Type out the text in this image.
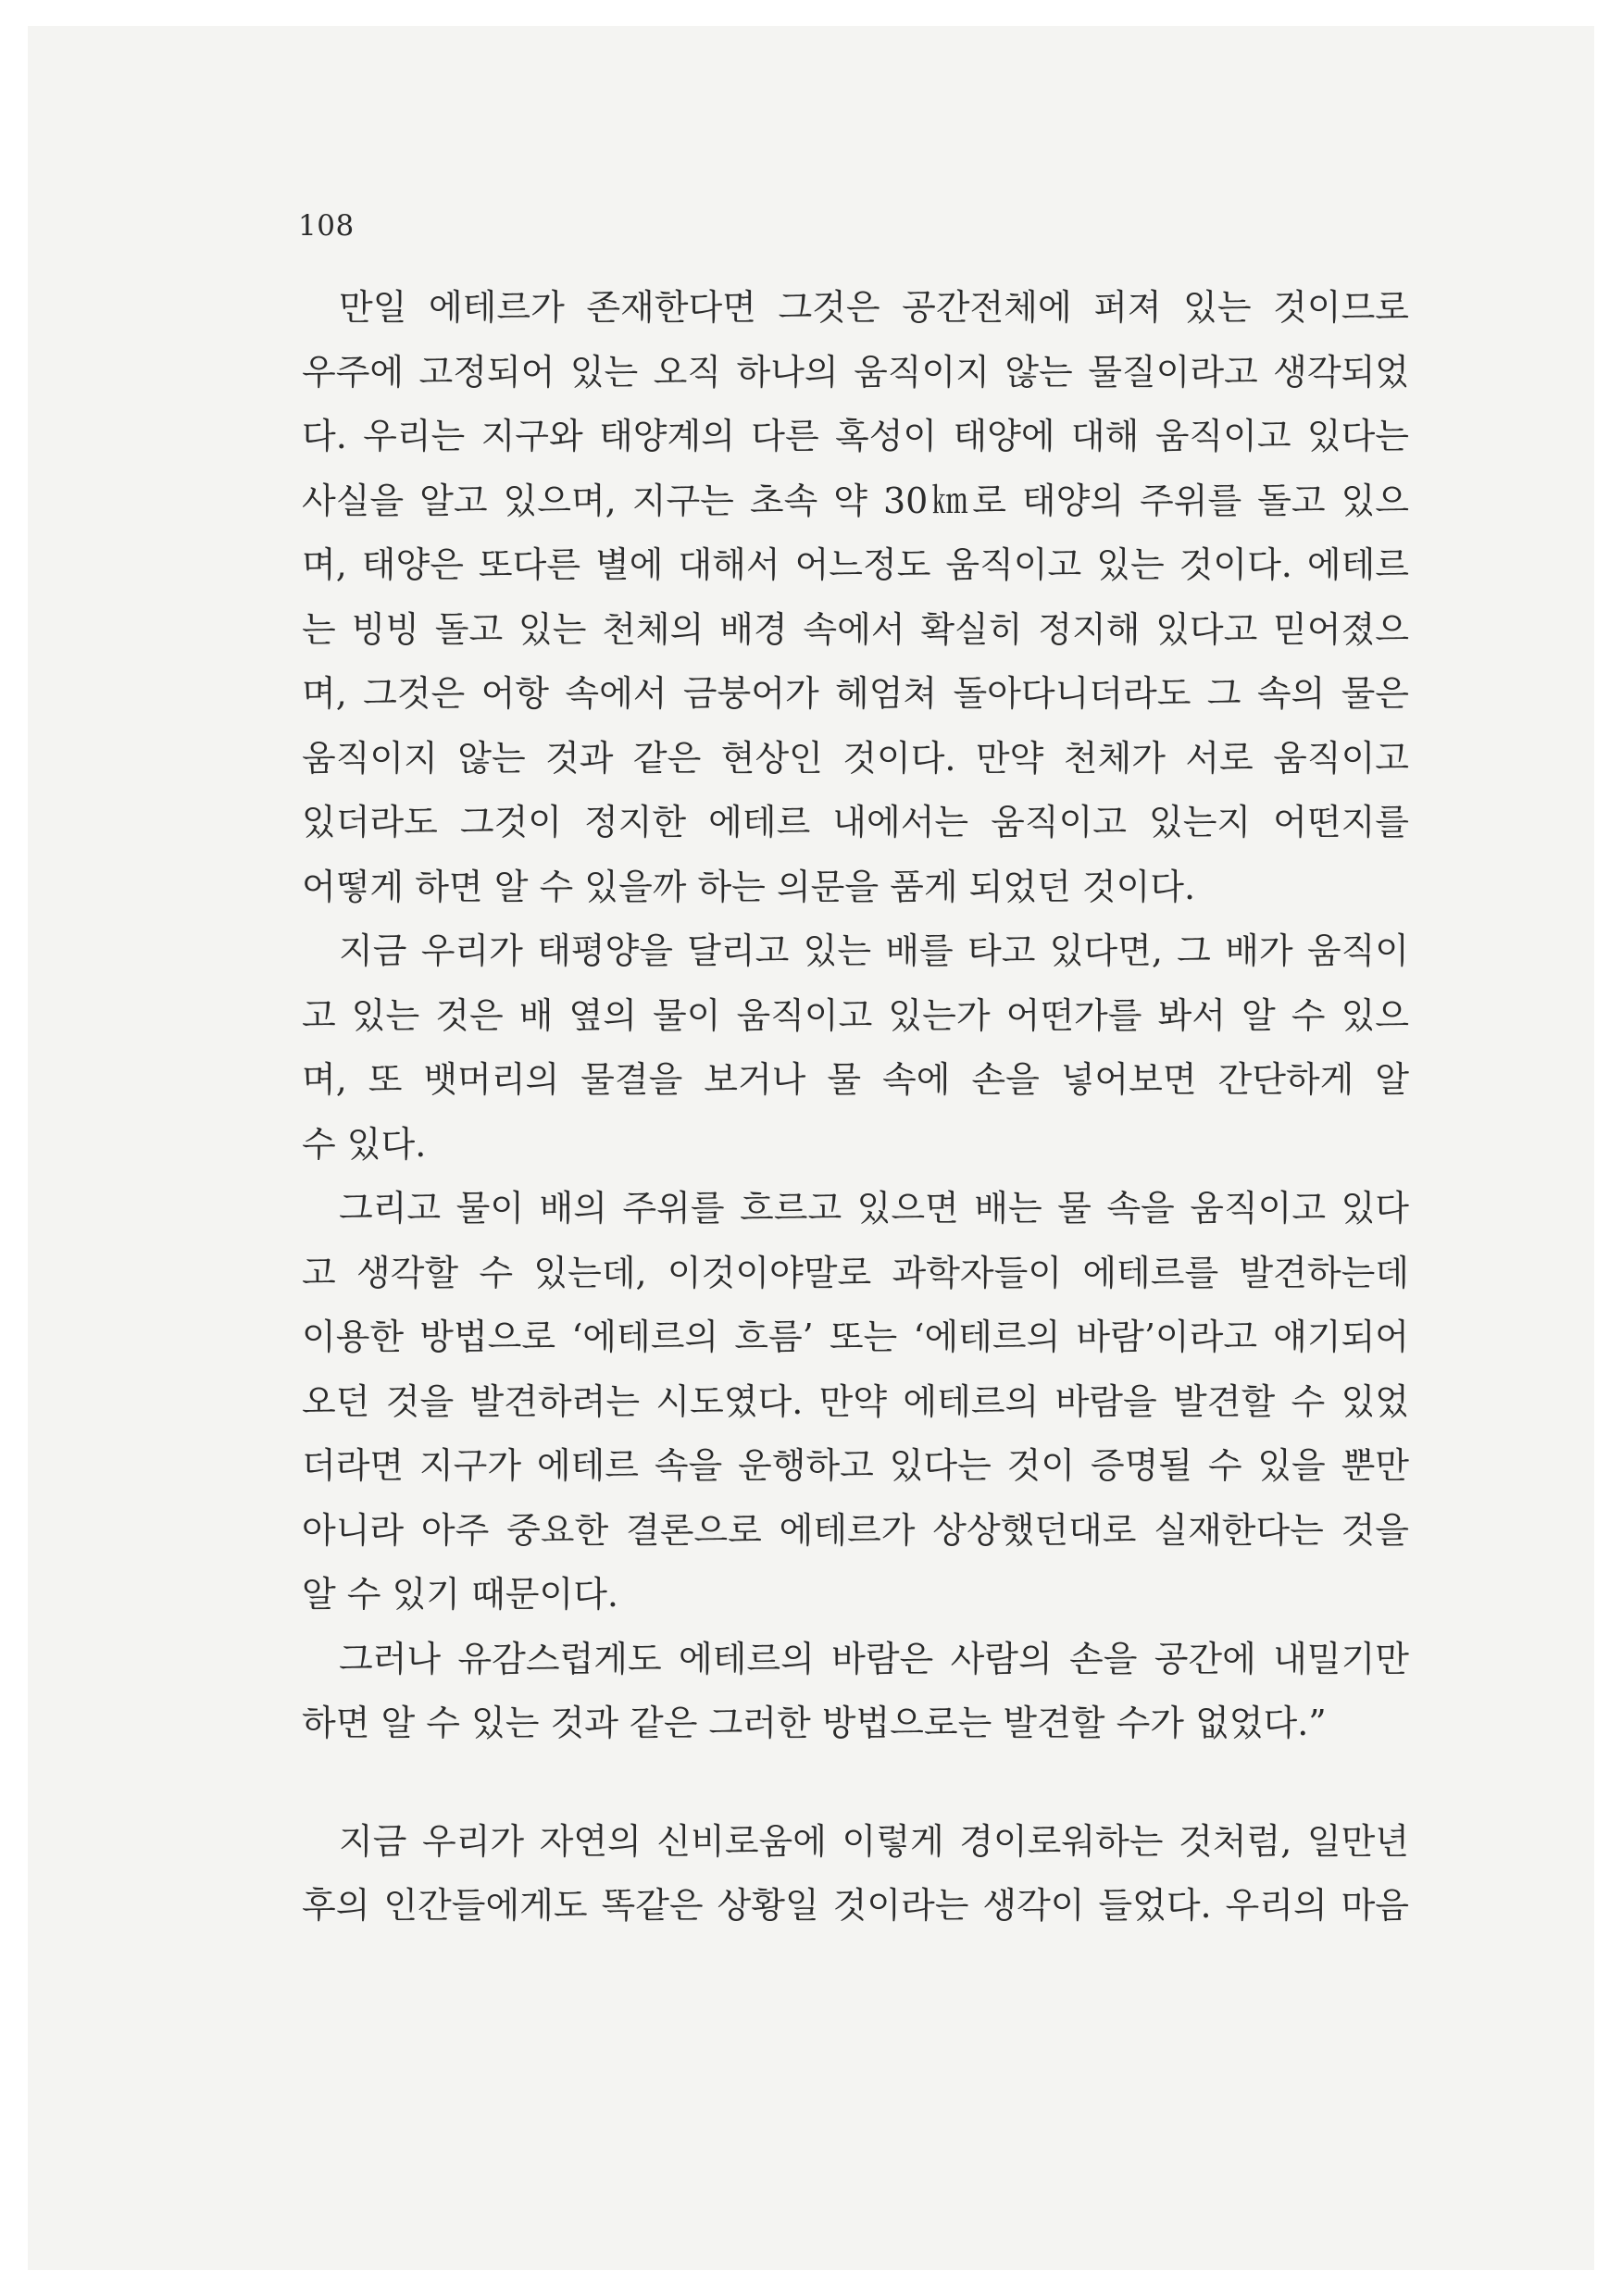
108
만일 에테르가 존재한다면 그것은 공간전체에 퍼져 있는 것이므로
우주에 고정되어 있는 오직 하나의 움직이지 않는 물질이라고 생각되었
다. 우리는 지구와 태양계의 다른 혹성이 태양에 대해 움직이고 있다는
사실을 알고 있으며, 지구는 초속 약 30㎞로 태양의 주위를 돌고 있으
며, 태양은 또다른 별에 대해서 어느정도 움직이고 있는 것이다. 에테르
는 빙빙 돌고 있는 천체의 배경 속에서 확실히 정지해 있다고 믿어졌으
며, 그것은 어항 속에서 금붕어가 헤엄쳐 돌아다니더라도 그 속의 물은
움직이지 않는 것과 같은 현상인 것이다. 만약 천체가 서로 움직이고
있더라도 그것이 정지한 에테르 내에서는 움직이고 있는지 어떤지를
어떻게 하면 알 수 있을까 하는 의문을 품게 되었던 것이다.
지금 우리가 태평양을 달리고 있는 배를 타고 있다면, 그 배가 움직이
고 있는 것은 배 옆의 물이 움직이고 있는가 어떤가를 봐서 알 수 있으
며, 또 뱃머리의 물결을 보거나 물 속에 손을 넣어보면 간단하게 알
수 있다.
그리고 물이 배의 주위를 흐르고 있으면 배는 물 속을 움직이고 있다
고 생각할 수 있는데, 이것이야말로 과학자들이 에테르를 발견하는데
이용한 방법으로 ‘에테르의 흐름’ 또는 ‘에테르의 바람’이라고 얘기되어
오던 것을 발견하려는 시도였다. 만약 에테르의 바람을 발견할 수 있었
더라면 지구가 에테르 속을 운행하고 있다는 것이 증명될 수 있을 뿐만
아니라 아주 중요한 결론으로 에테르가 상상했던대로 실재한다는 것을
알 수 있기 때문이다.
그러나 유감스럽게도 에테르의 바람은 사람의 손을 공간에 내밀기만
하면 알 수 있는 것과 같은 그러한 방법으로는 발견할 수가 없었다.”
지금 우리가 자연의 신비로움에 이렇게 경이로워하는 것처럼, 일만년
후의 인간들에게도 똑같은 상황일 것이라는 생각이 들었다. 우리의 마음
